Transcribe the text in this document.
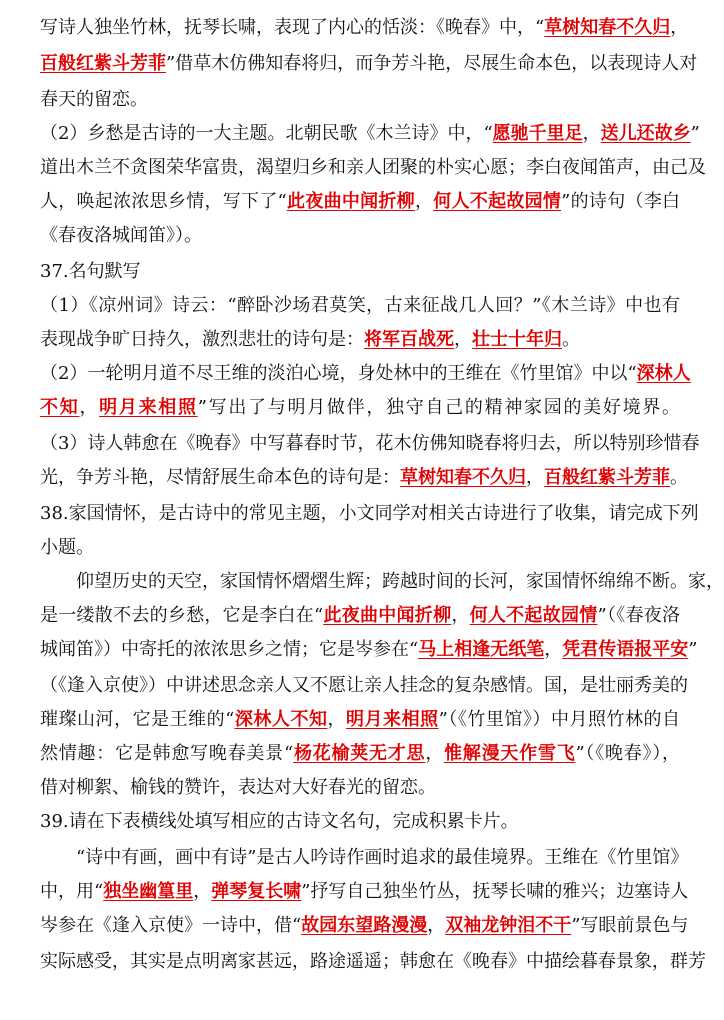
写诗人独坐竹林，抚琴长啸，表现了内心的恬淡：《晚春》中，“草树知春不久归，
百般红紫斗芳菲”借草木仿佛知春将归，而争芳斗艳，尽展生命本色，以表现诗人对
春天的留恋。
（2）乡愁是古诗的一大主题。北朝民歌《木兰诗》中，“愿驰千里足，送儿还故乡”
道出木兰不贪图荣华富贵，渴望归乡和亲人团聚的朴实心愿；李白夜闻笛声，由己及
人，唤起浓浓思乡情，写下了“此夜曲中闻折柳，何人不起故园情”的诗句（李白
《春夜洛城闻笛》）。
37.名句默写
（1）《凉州词》诗云：“醉卧沙场君莫笑，古来征战几人回？”《木兰诗》中也有
表现战争旷日持久，激烈悲壮的诗句是：将军百战死，壮士十年归。
（2）一轮明月道不尽王维的淡泊心境，身处林中的王维在《竹里馆》中以“深林人
不知，明月来相照”写出了与明月做伴，独守自己的精神家园的美好境界。
（3）诗人韩愈在《晚春》中写暮春时节，花木仿佛知晓春将归去，所以特别珍惜春
光，争芳斗艳，尽情舒展生命本色的诗句是：草树知春不久归，百般红紫斗芳菲。
38.家国情怀，是古诗中的常见主题，小文同学对相关古诗进行了收集，请完成下列
小题。
仰望历史的天空，家国情怀熠熠生辉；跨越时间的长河，家国情怀绵绵不断。家，
是一缕散不去的乡愁，它是李白在“此夜曲中闻折柳，何人不起故园情”（《春夜洛
城闻笛》）中寄托的浓浓思乡之情；它是岑参在“马上相逢无纸笔，凭君传语报平安”
（《逢入京使》）中讲述思念亲人又不愿让亲人挂念的复杂感情。国，是壮丽秀美的
璀璨山河，它是王维的“深林人不知，明月来相照”（《竹里馆》）中月照竹林的自
然情趣：它是韩愈写晚春美景“杨花榆荚无才思，惟解漫天作雪飞”（《晚春》），
借对柳絮、榆钱的赞许，表达对大好春光的留恋。
39.请在下表横线处填写相应的古诗文名句，完成积累卡片。
“诗中有画，画中有诗”是古人吟诗作画时追求的最佳境界。王维在《竹里馆》
中，用“独坐幽篁里，弹琴复长啸”抒写自己独坐竹丛，抚琴长啸的雅兴；边塞诗人
岑参在《逢入京使》一诗中，借“故园东望路漫漫，双袖龙钟泪不干”写眼前景色与
实际感受，其实是点明离家甚远，路途遥遥；韩愈在《晚春》中描绘暮春景象，群芳
